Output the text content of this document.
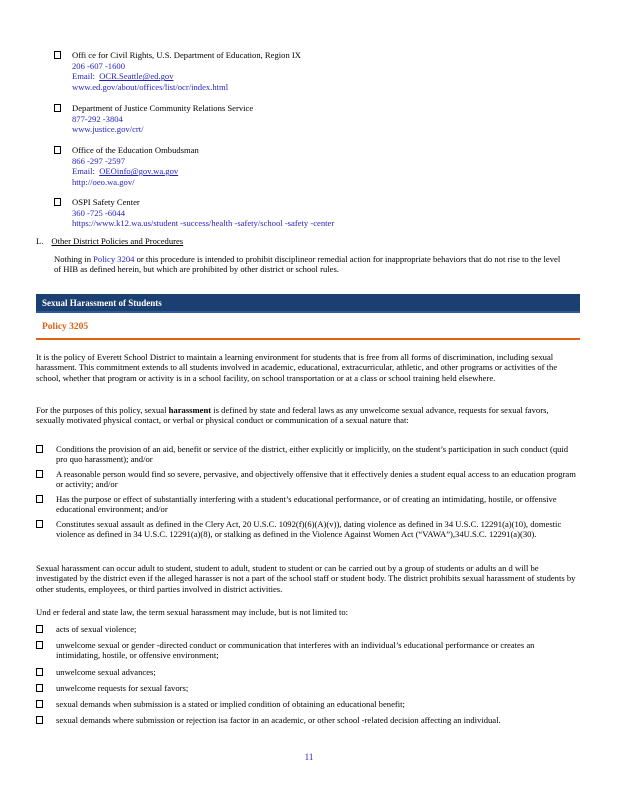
Offi ce for Civil Rights, U.S. Department of Education, Region IX
206 -607 -1600
Email: OCR.Seattle@ed.gov
www.ed.gov/about/offices/list/ocr/index.html
Department of Justice Community Relations Service
877-292 -3804
www.justice.gov/crt/
Office of the Education Ombudsman
866 -297 -2597
Email: OEOinfo@gov.wa.gov
http://oeo.wa.gov/
OSPI Safety Center
360 -725 -6044
https://www.k12.wa.us/student -success/health -safety/school -safety -center
L. Other District Policies and Procedures
Nothing in Policy 3204 or this procedure is intended to prohibit disciplineor remedial action for inappropriate behaviors that do not rise to the level of HIB as defined herein, but which are prohibited by other district or school rules.
Sexual Harassment of Students
Policy 3205
It is the policy of Everett School District to maintain a learning environment for students that is free from all forms of discrimination, including sexual harassment. This commitment extends to all students involved in academic, educational, extracurricular, athletic, and other programs or activities of the school, whether that program or activity is in a school facility, on school transportation or at a class or school training held elsewhere.
For the purposes of this policy, sexual harassment is defined by state and federal laws as any unwelcome sexual advance, requests for sexual favors, sexually motivated physical contact, or verbal or physical conduct or communication of a sexual nature that:
Conditions the provision of an aid, benefit or service of the district, either explicitly or implicitly, on the student’s participation in such conduct (quid pro quo harassment); and/or
A reasonable person would find so severe, pervasive, and objectively offensive that it effectively denies a student equal access to an education program or activity; and/or
Has the purpose or effect of substantially interfering with a student’s educational performance, or of creating an intimidating, hostile, or offensive educational environment; and/or
Constitutes sexual assault as defined in the Clery Act, 20 U.S.C. 1092(f)(6)(A)(v)), dating violence as defined in 34 U.S.C. 12291(a)(10), domestic violence as defined in 34 U.S.C. 12291(a)(8), or stalking as defined in the Violence Against Women Act (“VAWA”),34U.S.C. 12291(a)(30).
Sexual harassment can occur adult to student, student to adult, student to student or can be carried out by a group of students or adults an d will be investigated by the district even if the alleged harasser is not a part of the school staff or student body. The district prohibits sexual harassment of students by other students, employees, or third parties involved in district activities.
Und er federal and state law, the term sexual harassment may include, but is not limited to:
acts of sexual violence;
unwelcome sexual or gender -directed conduct or communication that interferes with an individual’s educational performance or creates an intimidating, hostile, or offensive environment;
unwelcome sexual advances;
unwelcome requests for sexual favors;
sexual demands when submission is a stated or implied condition of obtaining an educational benefit;
sexual demands where submission or rejection isa factor in an academic, or other school -related decision affecting an individual.
11
